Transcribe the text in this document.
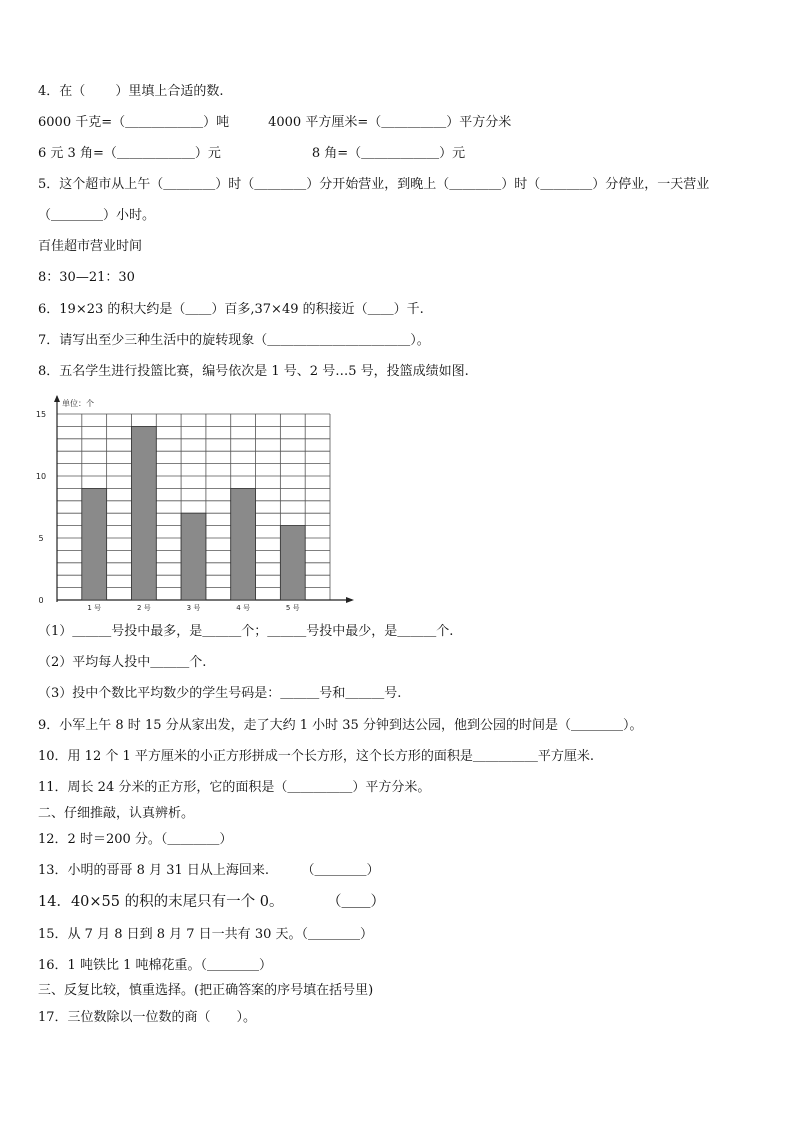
4．在（　 　）里填上合适的数.
6000 千克=（＿＿＿＿＿＿）吨　　　4000 平方厘米=（＿＿＿＿＿）平方分米
6 元 3 角=（＿＿＿＿＿＿）元　　　　　　　8 角=（＿＿＿＿＿＿）元
5．这个超市从上午（＿＿＿＿）时（＿＿＿＿）分开始营业，到晚上（＿＿＿＿）时（＿＿＿＿）分停业，一天营业
（＿＿＿＿）小时。
百佳超市营业时间
8：30—21：30
6．19×23 的积大约是（＿＿）百多,37×49 的积接近（＿＿）千.
7．请写出至少三种生活中的旋转现象（＿＿＿＿＿＿＿＿＿＿＿）。
8．五名学生进行投篮比赛，编号依次是 1 号、2 号…5 号，投篮成绩如图.
（1）＿＿＿号投中最多，是＿＿＿个；＿＿＿号投中最少，是＿＿＿个.
（2）平均每人投中＿＿＿个.
（3）投中个数比平均数少的学生号码是：＿＿＿号和＿＿＿号.
9．小军上午 8 时 15 分从家出发，走了大约 1 小时 35 分钟到达公园，他到公园的时间是（＿＿＿＿）。
10．用 12 个 1 平方厘米的小正方形拼成一个长方形，这个长方形的面积是＿＿＿＿＿平方厘米.
11．周长 24 分米的正方形，它的面积是（＿＿＿＿＿）平方分米。
二、仔细推敲，认真辨析。
12．2 时＝200 分。（＿＿＿＿）
13．小明的哥哥 8 月 31 日从上海回来.　　　（＿＿＿＿）
14．40×55 的积的末尾只有一个 0。　　　　（＿＿）
15．从 7 月 8 日到 8 月 7 日一共有 30 天。（＿＿＿＿）
16．1 吨铁比 1 吨棉花重。（＿＿＿＿）
三、反复比较，慎重选择。(把正确答案的序号填在括号里)
17．三位数除以一位数的商（　　）。
单位：个
0
5
10
15
1 号	2 号	3 号	4 号	5 号
